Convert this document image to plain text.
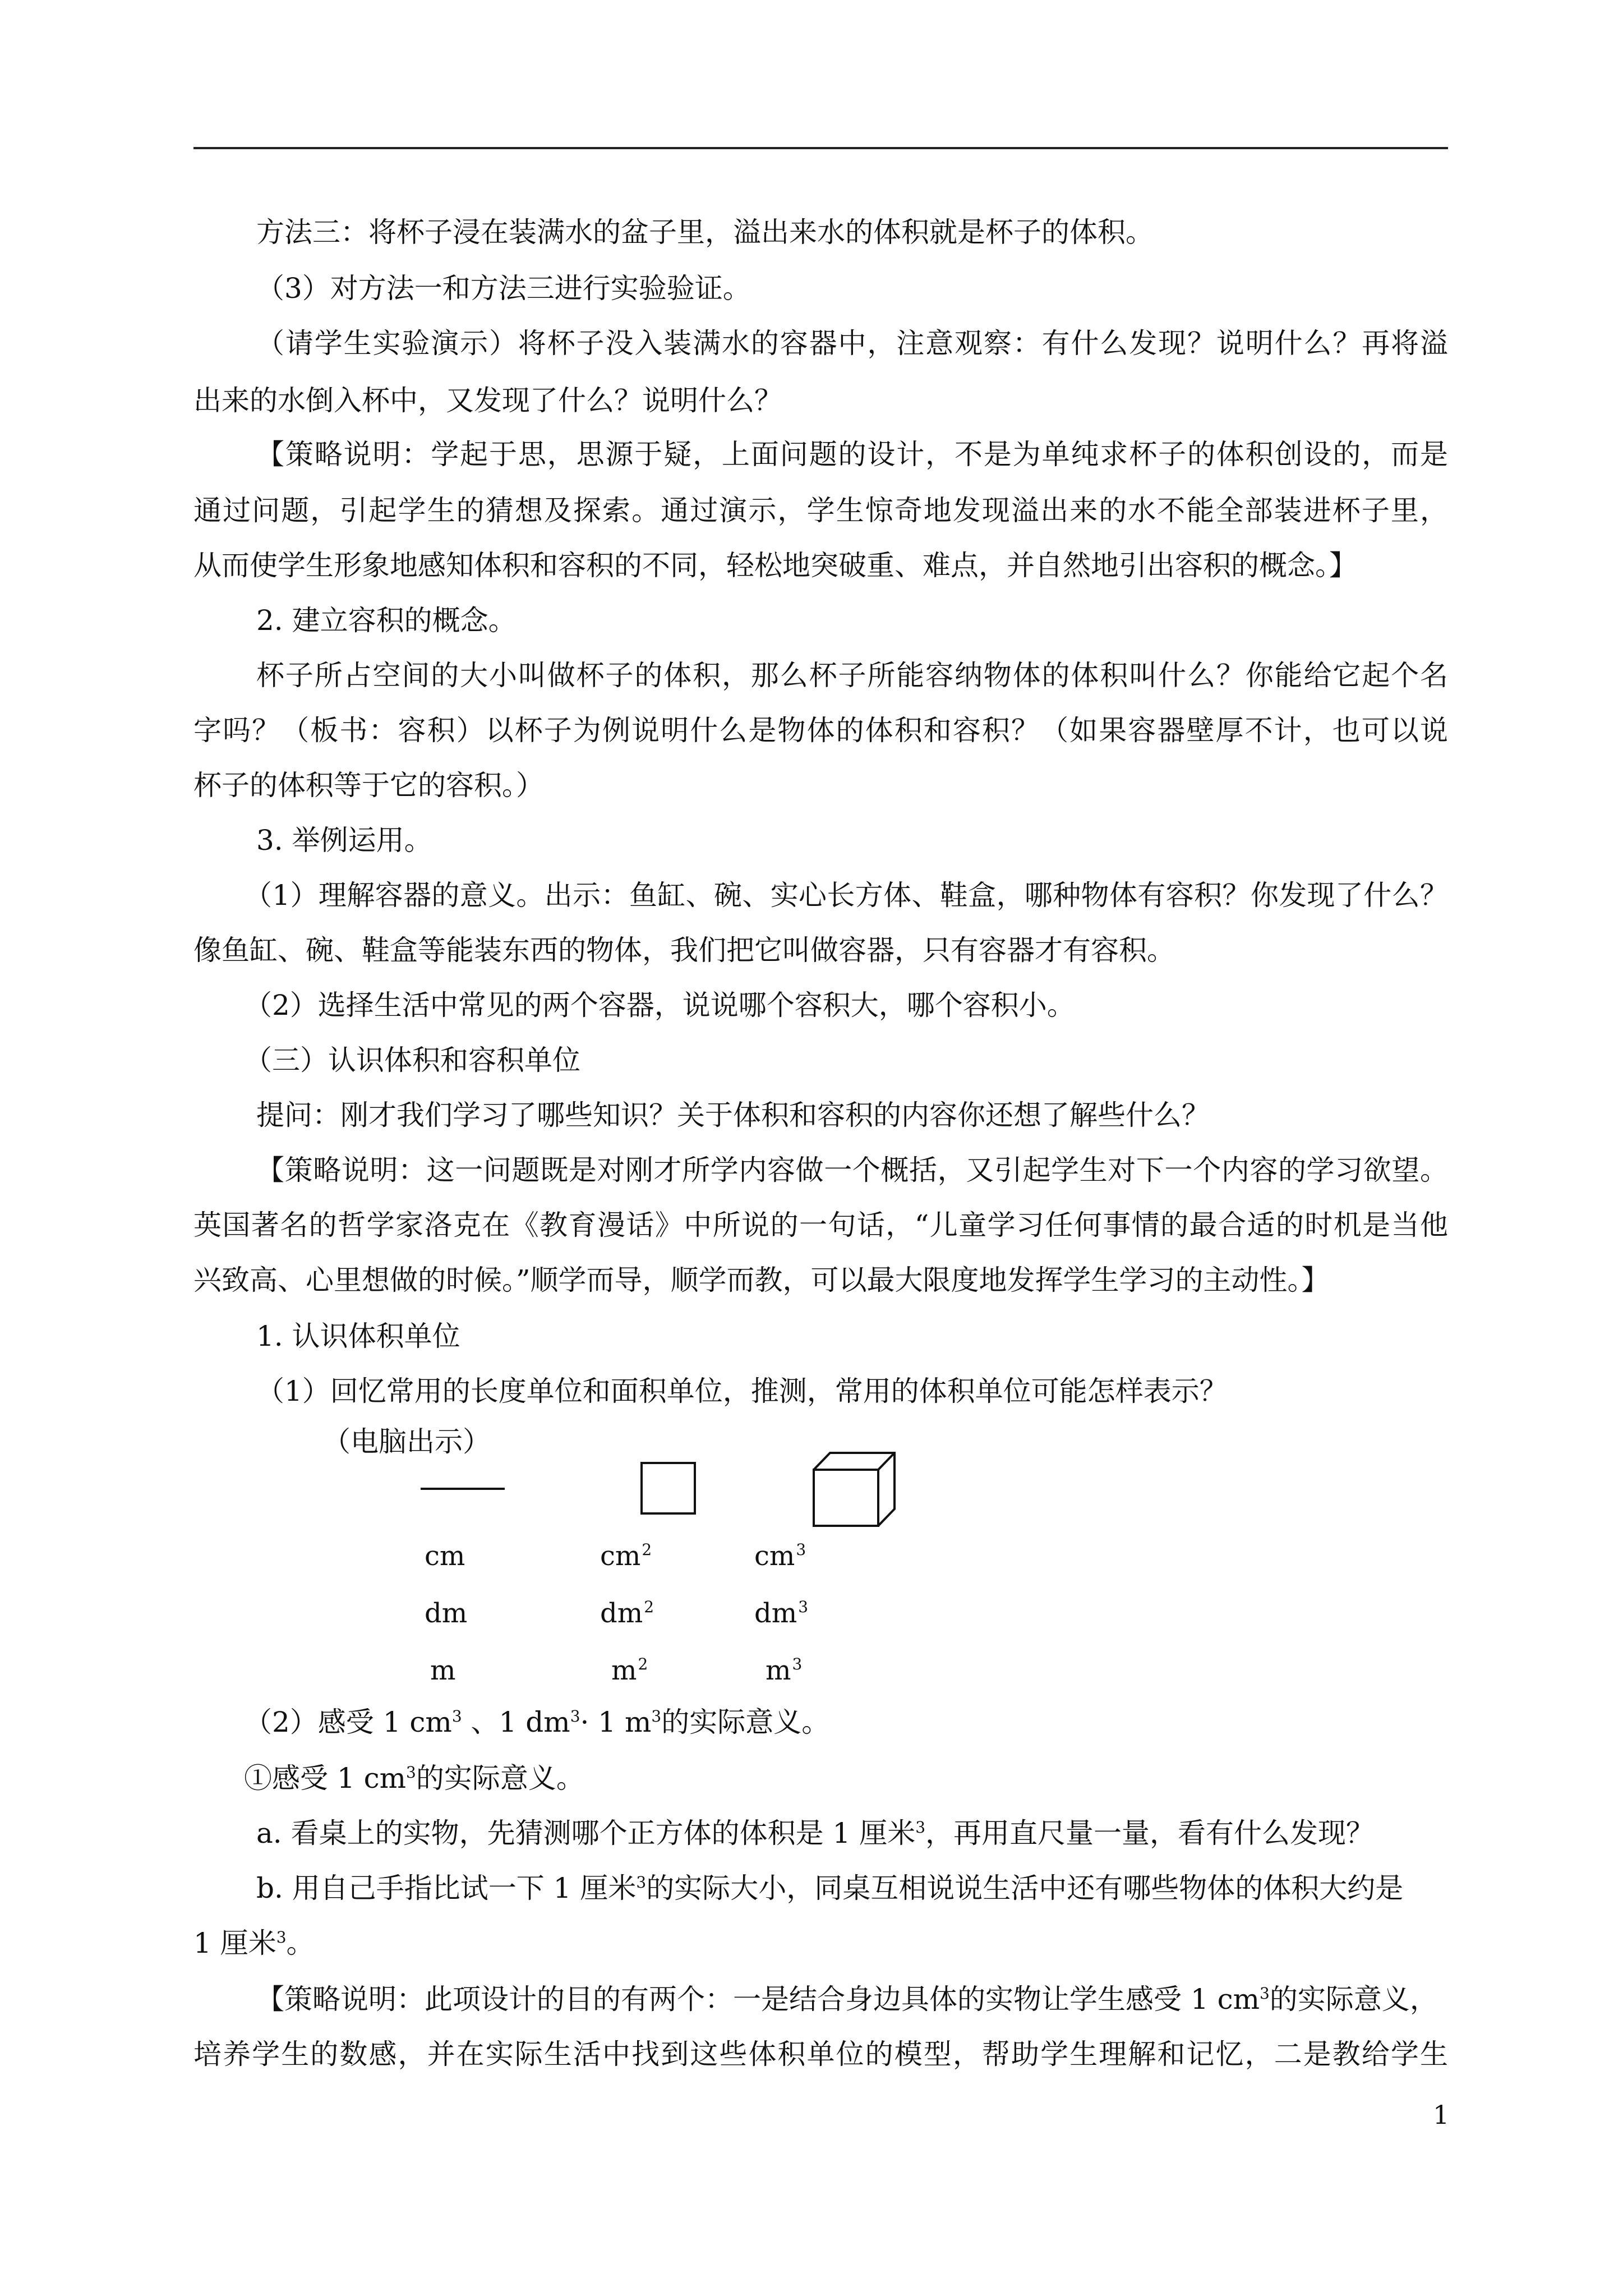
方法三：将杯子浸在装满水的盆子里，溢出来水的体积就是杯子的体积。
（3）对方法一和方法三进行实验验证。
（请学生实验演示）将杯子没入装满水的容器中，注意观察：有什么发现？说明什么？再将溢
出来的水倒入杯中，又发现了什么？说明什么？
【策略说明：学起于思，思源于疑，上面问题的设计，不是为单纯求杯子的体积创设的，而是
通过问题，引起学生的猜想及探索。通过演示，学生惊奇地发现溢出来的水不能全部装进杯子里，
从而使学生形象地感知体积和容积的不同，轻松地突破重、难点，并自然地引出容积的概念。】
2. 建立容积的概念。
杯子所占空间的大小叫做杯子的体积，那么杯子所能容纳物体的体积叫什么？你能给它起个名
字吗？（板书：容积）以杯子为例说明什么是物体的体积和容积？（如果容器壁厚不计，也可以说
杯子的体积等于它的容积。）
3. 举例运用。
（1）理解容器的意义。出示：鱼缸、碗、实心长方体、鞋盒，哪种物体有容积？你发现了什么？
像鱼缸、碗、鞋盒等能装东西的物体，我们把它叫做容器，只有容器才有容积。
（2）选择生活中常见的两个容器，说说哪个容积大，哪个容积小。
（三）认识体积和容积单位
提问：刚才我们学习了哪些知识？关于体积和容积的内容你还想了解些什么？
【策略说明：这一问题既是对刚才所学内容做一个概括，又引起学生对下一个内容的学习欲望。
英国著名的哲学家洛克在《教育漫话》中所说的一句话，“儿童学习任何事情的最合适的时机是当他
兴致高、心里想做的时候。”顺学而导，顺学而教，可以最大限度地发挥学生学习的主动性。】
1. 认识体积单位
（1）回忆常用的长度单位和面积单位，推测，常用的体积单位可能怎样表示？
（电脑出示）
cm	$cm^2$	$cm^3$
dm	$dm^2$	$dm^3$
m	$m^2$	$m^3$
（2）感受 1 $cm^3$ 、1 $dm^3\cdot 1$ $m^3$的实际意义。
①感受 1 $cm^3$的实际意义。
a. 看桌上的实物，先猜测哪个正方体的体积是 1 厘米$^3$，再用直尺量一量，看有什么发现？
b. 用自己手指比试一下 1 厘米$^3$的实际大小，同桌互相说说生活中还有哪些物体的体积大约是
1 厘米$^3$。
【策略说明：此项设计的目的有两个：一是结合身边具体的实物让学生感受 1 $cm^3$的实际意义，
培养学生的数感，并在实际生活中找到这些体积单位的模型，帮助学生理解和记忆，二是教给学生
1
